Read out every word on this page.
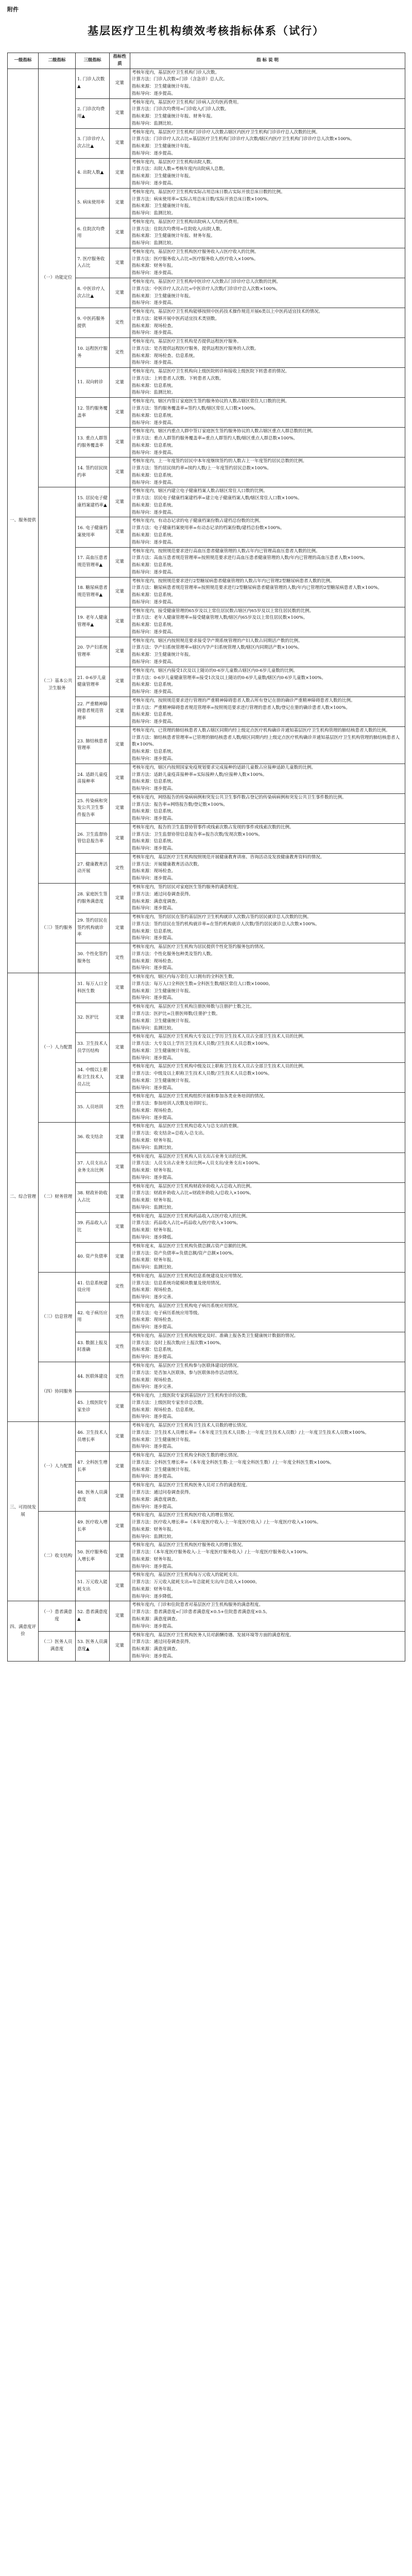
附件
基层医疗卫生机构绩效考核指标体系（试行）
一级指标	二级指标	三级指标	指标性质	指 标 说 明
一、服务提供	（一）功能定位	1. 门诊人次数▲	定量	考核年度内，基层医疗卫生机构门诊人次数。
计算方法：门诊人次数=门诊（含急诊）总人次。
指标来源：卫生健康统计年报。
指标导向：逐步提高。

		2. 门诊次均费用▲	定量	考核年度内，基层医疗卫生机构门诊病人次均医药费用。
计算方法：门诊次均费用=门诊收入/门诊人次数。
指标来源：卫生健康统计年报、财务年报。
指标导向：监测比较。

		3. 门诊诊疗人次占比▲	定量	考核年度内，基层医疗卫生机构门诊诊疗人次数占辖区内医疗卫生机构门诊诊疗总人次数的比例。
计算方法：门诊诊疗人次占比=基层医疗卫生机构门诊诊疗人次数/辖区内医疗卫生机构门诊诊疗总人次数×100%。
指标来源：卫生健康统计年报。
指标导向：逐步提高。

		4. 出院人数▲	定量	考核年度内，基层医疗卫生机构出院人数。
计算方法：出院人数=考核年度内出院病人总数。
指标来源：卫生健康统计年报。
指标导向：逐步提高。

		5. 病床使用率	定量	考核年度内，基层医疗卫生机构实际占用总床日数占实际开放总床日数的比例。
计算方法：病床使用率=实际占用总床日数/实际开放总床日数×100%。
指标来源：卫生健康统计年报。
指标导向：监测比较。

		6. 住院次均费用	定量	考核年度内，基层医疗卫生机构出院病人人均医药费用。
计算方法：住院次均费用=住院收入/出院人数。
指标来源：卫生健康统计年报、财务年报。
指标导向：监测比较。

		7. 医疗服务收入占比	定量	考核年度内，基层医疗卫生机构医疗服务收入占医疗收入的比例。
计算方法：医疗服务收入占比=医疗服务收入/医疗收入×100%。
指标来源：财务年报。
指标导向：逐步提高。

		8. 中医诊疗人次占比▲	定量	考核年度内，基层医疗卫生机构中医诊疗人次数占门诊诊疗总人次数的比例。
计算方法：中医诊疗人次占比=中医诊疗人次数/门诊诊疗总人次数×100%。
指标来源：卫生健康统计年报。
指标导向：逐步提高。

		9. 中医药服务提供	定性	考核年度内，基层医疗卫生机构能够按照中医药技术操作规范开展6类以上中医药适宜技术的情况。
计算方法：能够开展中医药适宜技术类别数。
指标来源：现场检查。
指标导向：逐步提高。

		10. 远程医疗服务	定性	考核年度内，基层医疗卫生机构是否提供远程医疗服务。
计算方法：是否提供远程医疗服务，提供远程医疗服务的人次数。
指标来源：现场检查、信息系统。
指标导向：逐步提高。

		11. 双向转诊	定量	考核年度内，基层医疗卫生机构向上级医院转诊和接收上级医院下转患者的情况。
计算方法：上转患者人次数、下转患者人次数。
指标来源：信息系统。
指标导向：监测比较。

		12. 签约服务覆盖率	定量	考核年度内，辖区内签订家庭医生签约服务协议的人数占辖区常住人口数的比例。
计算方法：签约服务覆盖率=签约人数/辖区常住人口数×100%。
指标来源：信息系统。
指标导向：逐步提高。

		13. 重点人群签约服务覆盖率	定量	考核年度内，辖区内重点人群中签订家庭医生签约服务协议的人数占辖区重点人群总数的比例。
计算方法：重点人群签约服务覆盖率=重点人群签约人数/辖区重点人群总数×100%。
指标来源：信息系统。
指标导向：逐步提高。

		14. 签约居民续约率	定量	考核年度内，上一年度签约居民中本年度继续签约的人数占上一年度签约居民总数的比例。
计算方法：签约居民续约率=续约人数/上一年度签约居民总数×100%。
指标来源：信息系统。
指标导向：逐步提高。

	（二）基本公共卫生服务	15. 居民电子健康档案建档率▲	定量	考核年度内，辖区内建立电子健康档案人数占辖区常住人口数的比例。
计算方法：居民电子健康档案建档率=建立电子健康档案人数/辖区常住人口数×100%。
指标来源：信息系统。
指标导向：逐步提高。

		16. 电子健康档案使用率	定量	考核年度内，有动态记录的电子健康档案份数占建档总份数的比例。
计算方法：电子健康档案使用率=有动态记录的档案份数/建档总份数×100%。
指标来源：信息系统。
指标导向：逐步提高。

		17. 高血压患者规范管理率▲	定量	考核年度内，按照规范要求进行高血压患者健康管理的人数占年内已管理高血压患者人数的比例。
计算方法：高血压患者规范管理率=按照规范要求进行高血压患者健康管理的人数/年内已管理的高血压患者人数×100%。
指标来源：信息系统。
指标导向：逐步提高。

		18. 糖尿病患者规范管理率▲	定量	考核年度内，按照规范要求进行2型糖尿病患者健康管理的人数占年内已管理2型糖尿病患者人数的比例。
计算方法：糖尿病患者规范管理率=按照规范要求进行2型糖尿病患者健康管理的人数/年内已管理的2型糖尿病患者人数×100%。
指标来源：信息系统。
指标导向：逐步提高。

		19. 老年人健康管理率▲	定量	考核年度内，接受健康管理的65岁及以上常住居民数占辖区内65岁及以上常住居民数的比例。
计算方法：老年人健康管理率=接受健康管理人数/辖区内65岁及以上常住居民数×100%。
指标来源：信息系统。
指标导向：逐步提高。

		20. 孕产妇系统管理率	定量	考核年度内，辖区内按照规范要求接受孕产期系统管理的产妇人数占同期活产数的比例。
计算方法：孕产妇系统管理率=辖区内孕产妇系统管理人数/辖区内同期活产数×100%。
指标来源：卫生健康统计年报。
指标导向：逐步提高。

		21. 0-6岁儿童健康管理率	定量	考核年度内，辖区内接受1次及以上随访的0-6岁儿童数占辖区内0-6岁儿童数的比例。
计算方法：0-6岁儿童健康管理率=接受1次及以上随访的0-6岁儿童数/辖区内0-6岁儿童数×100%。
指标来源：信息系统。
指标导向：逐步提高。

		22. 严重精神障碍患者规范管理率	定量	考核年度内，按照规范要求进行管理的严重精神障碍患者人数占所有登记在册的确诊严重精神障碍患者人数的比例。
计算方法：严重精神障碍患者规范管理率=按照规范要求进行管理的患者人数/登记在册的确诊患者人数×100%。
指标来源：信息系统。
指标导向：逐步提高。

		23. 肺结核患者管理率	定量	考核年度内，已管理的肺结核患者人数占辖区同期内经上级定点医疗机构确诊并通知基层医疗卫生机构管理的肺结核患者人数的比例。
计算方法：肺结核患者管理率=已管理的肺结核患者人数/辖区同期内经上级定点医疗机构确诊并通知基层医疗卫生机构管理的肺结核患者人数×100%。
指标来源：信息系统。
指标导向：逐步提高。

		24. 适龄儿童疫苗接种率	定量	考核年度内，辖区内按照国家免疫规划要求完成接种的适龄儿童数占应接种适龄儿童数的比例。
计算方法：适龄儿童疫苗接种率=实际接种人数/应接种人数×100%。
指标来源：信息系统。
指标导向：逐步提高。

		25. 传染病和突发公共卫生事件报告率	定量	考核年度内，网络报告的传染病病例和突发公共卫生事件数占登记的传染病病例和突发公共卫生事件数的比例。
计算方法：报告率=网络报告数/登记数×100%。
指标来源：信息系统。
指标导向：逐步提高。

		26. 卫生监督协管信息报告率	定量	考核年度内，报告的卫生监督协管事件或线索次数占发现的事件或线索次数的比例。
计算方法：卫生监督协管信息报告率=报告次数/发现次数×100%。
指标来源：信息系统。
指标导向：逐步提高。

		27. 健康教育活动开展	定性	考核年度内，基层医疗卫生机构按照规范开展健康教育讲座、咨询活动及发放健康教育资料的情况。
计算方法：开展健康教育活动次数。
指标来源：现场检查。
指标导向：逐步提高。

	（三）签约服务	28. 家庭医生签约服务满意度	定量	考核年度内，签约居民对家庭医生签约服务的满意程度。
计算方法：通过问卷调查获得。
指标来源：满意度调查。
指标导向：逐步提高。

		29. 签约居民在签约机构就诊率	定量	考核年度内，签约居民在签约基层医疗卫生机构就诊人次数占签约居民就诊总人次数的比例。
计算方法：签约居民在签约机构就诊率=在签约机构就诊人次数/签约居民就诊总人次数×100%。
指标来源：信息系统。
指标导向：逐步提高。

		30. 个性化签约服务包	定性	考核年度内，基层医疗卫生机构为居民提供个性化签约服务包的情况。
计算方法：个性化服务包种类及签约人数。
指标来源：现场检查。
指标导向：逐步提高。

二、综合管理	（一）人力配置	31. 每万人口全科医生数	定量	考核年度内，辖区内每万常住人口拥有的全科医生数。
计算方法：每万人口全科医生数=全科医生数/辖区常住人口数×10000。
指标来源：卫生健康统计年报。
指标导向：逐步提高。

		32. 医护比	定量	考核年度内，基层医疗卫生机构注册医师数与注册护士数之比。
计算方法：医护比=注册医师数/注册护士数。
指标来源：卫生健康统计年报。
指标导向：监测比较。

		33. 卫生技术人员学历结构	定量	考核年度内，基层医疗卫生机构大专及以上学历卫生技术人员占全部卫生技术人员的比例。
计算方法：大专及以上学历卫生技术人员数/卫生技术人员总数×100%。
指标来源：卫生健康统计年报。
指标导向：逐步提高。

		34. 中级以上职称卫生技术人员占比	定量	考核年度内，基层医疗卫生机构中级及以上职称卫生技术人员占全部卫生技术人员的比例。
计算方法：中级及以上职称卫生技术人员数/卫生技术人员总数×100%。
指标来源：卫生健康统计年报。
指标导向：逐步提高。

		35. 人员培训	定性	考核年度内，基层医疗卫生机构组织开展和参加各类业务培训的情况。
计算方法：参加培训人次数及培训时长。
指标来源：现场检查。
指标导向：逐步提高。

	（二）财务管理	36. 收支结余	定量	考核年度内，基层医疗卫生机构总收入与总支出的差额。
计算方法：收支结余=总收入-总支出。
指标来源：财务年报。
指标导向：监测比较。

		37. 人员支出占业务支出比例	定量	考核年度内，基层医疗卫生机构人员支出占业务支出的比例。
计算方法：人员支出占业务支出比例=人员支出/业务支出×100%。
指标来源：财务年报。
指标导向：逐步提高。

		38. 财政补助收入占比	定量	考核年度内，基层医疗卫生机构财政补助收入占总收入的比例。
计算方法：财政补助收入占比=财政补助收入/总收入×100%。
指标来源：财务年报。
指标导向：监测比较。

		39. 药品收入占比	定量	考核年度内，基层医疗卫生机构药品收入占医疗收入的比例。
计算方法：药品收入占比=药品收入/医疗收入×100%。
指标来源：财务年报。
指标导向：逐步降低。

		40. 资产负债率	定量	考核年度末，基层医疗卫生机构负债总额占资产总额的比例。
计算方法：资产负债率=负债总额/资产总额×100%。
指标来源：财务年报。
指标导向：监测比较。

	（三）信息管理	41. 信息系统建设应用	定性	考核年度内，基层医疗卫生机构信息系统建设及应用情况。
计算方法：信息系统功能模块数量及使用情况。
指标来源：现场检查。
指标导向：逐步完善。

		42. 电子病历应用	定性	考核年度内，基层医疗卫生机构电子病历系统应用情况。
计算方法：电子病历系统应用等级。
指标来源：现场检查。
指标导向：逐步提高。

		43. 数据上报及时准确	定性	考核年度内，基层医疗卫生机构按规定及时、准确上报各类卫生健康统计数据的情况。
计算方法：及时上报次数/应上报次数×100%。
指标来源：信息系统。
指标导向：逐步提高。

	（四）协同服务	44. 医联体建设	定性	考核年度内，基层医疗卫生机构参与医联体建设的情况。
计算方法：是否加入医联体，参与医联体协作活动情况。
指标来源：现场检查。
指标导向：逐步完善。

		45. 上级医院专家坐诊	定量	考核年度内，上级医院专家到基层医疗卫生机构坐诊的次数。
计算方法：上级医院专家坐诊总次数。
指标来源：现场检查、信息系统。
指标导向：逐步提高。

三、可持续发展	（一）人力配置	46. 卫生技术人员增长率	定量	考核年度内，基层医疗卫生机构卫生技术人员数的增长情况。
计算方法：卫生技术人员增长率=（本年度卫生技术人员数-上一年度卫生技术人员数）/上一年度卫生技术人员数×100%。
指标来源：卫生健康统计年报。
指标导向：逐步提高。

		47. 全科医生增长率	定量	考核年度内，基层医疗卫生机构全科医生数的增长情况。
计算方法：全科医生增长率=（本年度全科医生数-上一年度全科医生数）/上一年度全科医生数×100%。
指标来源：卫生健康统计年报。
指标导向：逐步提高。

		48. 医务人员满意度	定量	考核年度内，基层医疗卫生机构医务人员对工作的满意程度。
计算方法：通过问卷调查获得。
指标来源：满意度调查。
指标导向：逐步提高。

	（二）收支结构	49. 医疗收入增长率	定量	考核年度内，基层医疗卫生机构医疗收入的增长情况。
计算方法：医疗收入增长率=（本年度医疗收入-上一年度医疗收入）/上一年度医疗收入×100%。
指标来源：财务年报。
指标导向：监测比较。

		50. 医疗服务收入增长率	定量	考核年度内，基层医疗卫生机构医疗服务收入的增长情况。
计算方法：（本年度医疗服务收入-上一年度医疗服务收入）/上一年度医疗服务收入×100%。
指标来源：财务年报。
指标导向：逐步提高。

		51. 万元收入能耗支出	定量	考核年度内，基层医疗卫生机构每万元收入的能耗支出。
计算方法：万元收入能耗支出=年总能耗支出/年总收入×10000。
指标来源：财务年报。
指标导向：逐步降低。

四、满意度评价	（一）患者满意度	52. 患者满意度▲	定量	考核年度内，门诊和住院患者对基层医疗卫生机构服务的满意程度。
计算方法：患者满意度=门诊患者满意度×0.5+住院患者满意度×0.5。
指标来源：满意度调查。
指标导向：逐步提高。

	（二）医务人员满意度	53. 医务人员满意度▲	定量	考核年度内，基层医疗卫生机构医务人员对薪酬待遇、发展环境等方面的满意程度。
计算方法：通过问卷调查获得。
指标来源：满意度调查。
指标导向：逐步提高。
